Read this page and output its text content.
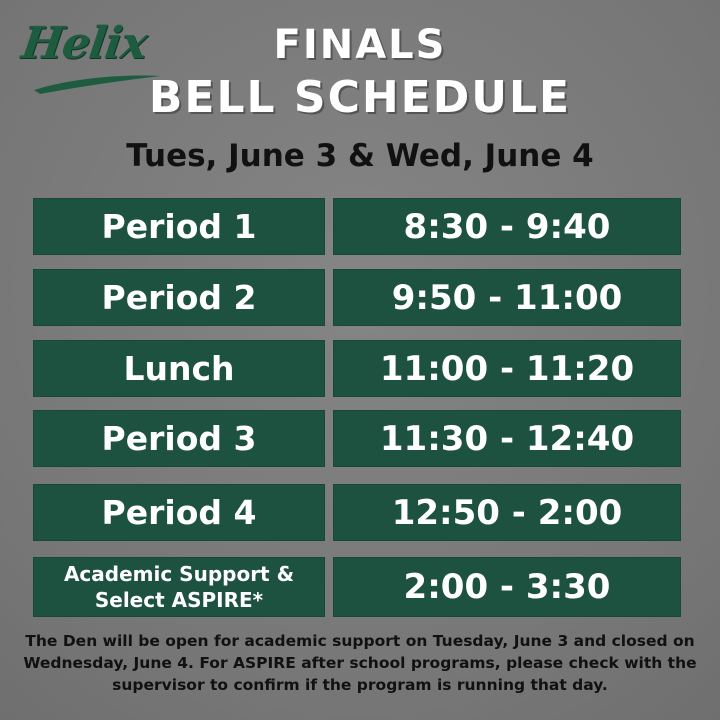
Helix	FINALS
BELL SCHEDULE
Tues, June 3 & Wed, June 4
Period 1	8:30 - 9:40
Period 2	9:50 - 11:00
Lunch	11:00 - 11:20
Period 3	11:30 - 12:40
Period 4	12:50 - 2:00
Academic Support &
Select ASPIRE*	2:00 - 3:30
The Den will be open for academic support on Tuesday, June 3 and closed on Wednesday, June 4. For ASPIRE after school programs, please check with the supervisor to confirm if the program is running that day.
